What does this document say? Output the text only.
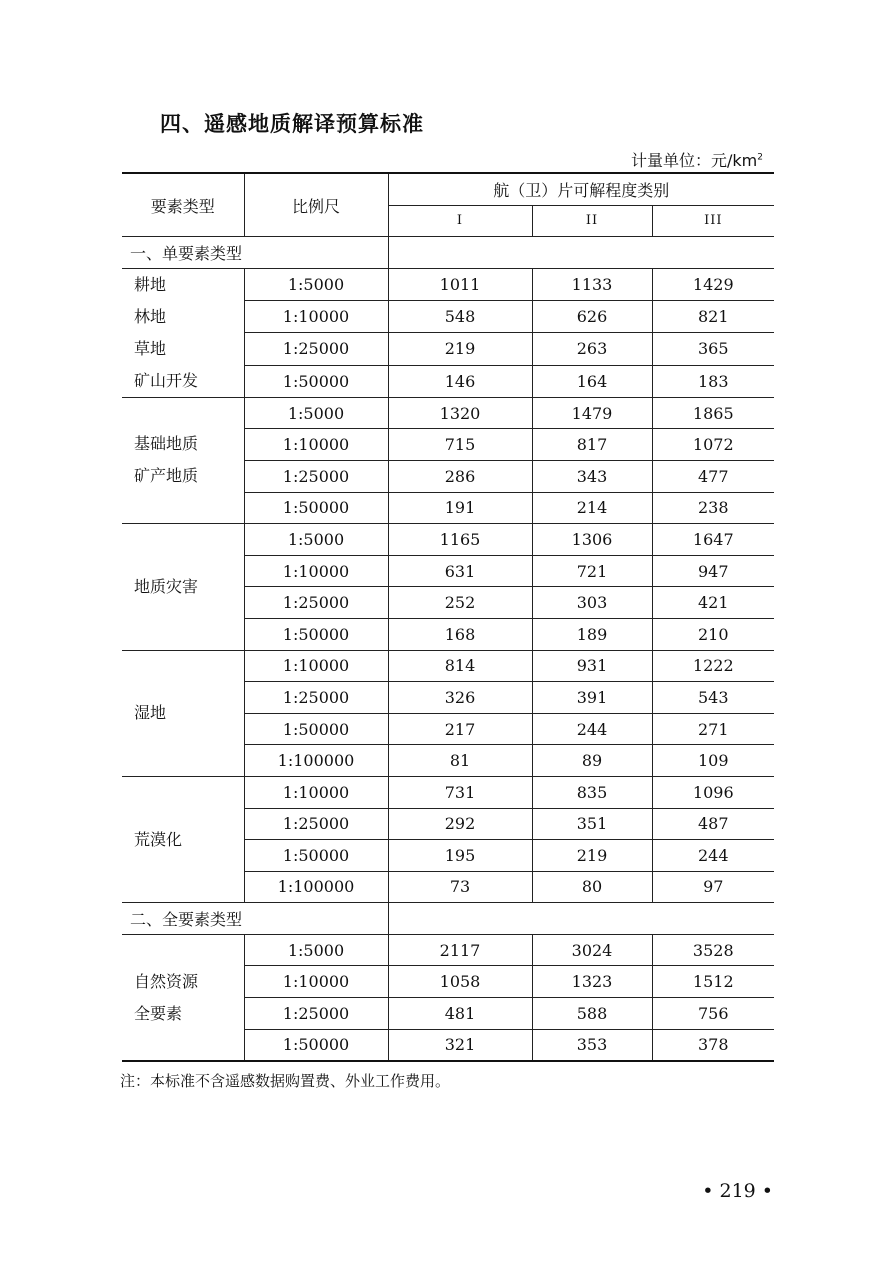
四、遥感地质解译预算标准
计量单位：元$/km^2$
要素类型	比例尺	航（卫）片可解程度类别		
		I	II	III
一、单要素类型				

耕地
林地
草地
矿山开发	1:5000	1011	1133	1429
	1:10000	548	626	821
	1:25000	219	263	365
	1:50000	146	164	183

基础地质
矿产地质	1:5000	1320	1479	1865
	1:10000	715	817	1072
	1:25000	286	343	477
	1:50000	191	214	238

地质灾害	1:5000	1165	1306	1647
	1:10000	631	721	947
	1:25000	252	303	421
	1:50000	168	189	210

湿地	1:10000	814	931	1222
	1:25000	326	391	543
	1:50000	217	244	271
	1:100000	81	89	109

荒漠化	1:10000	731	835	1096
	1:25000	292	351	487
	1:50000	195	219	244
	1:100000	73	80	97
二、全要素类型				

自然资源
全要素	1:5000	2117	3024	3528
	1:10000	1058	1323	1512
	1:25000	481	588	756
	1:50000	321	353	378
注：本标准不含遥感数据购置费、外业工作费用。
• 219 •
